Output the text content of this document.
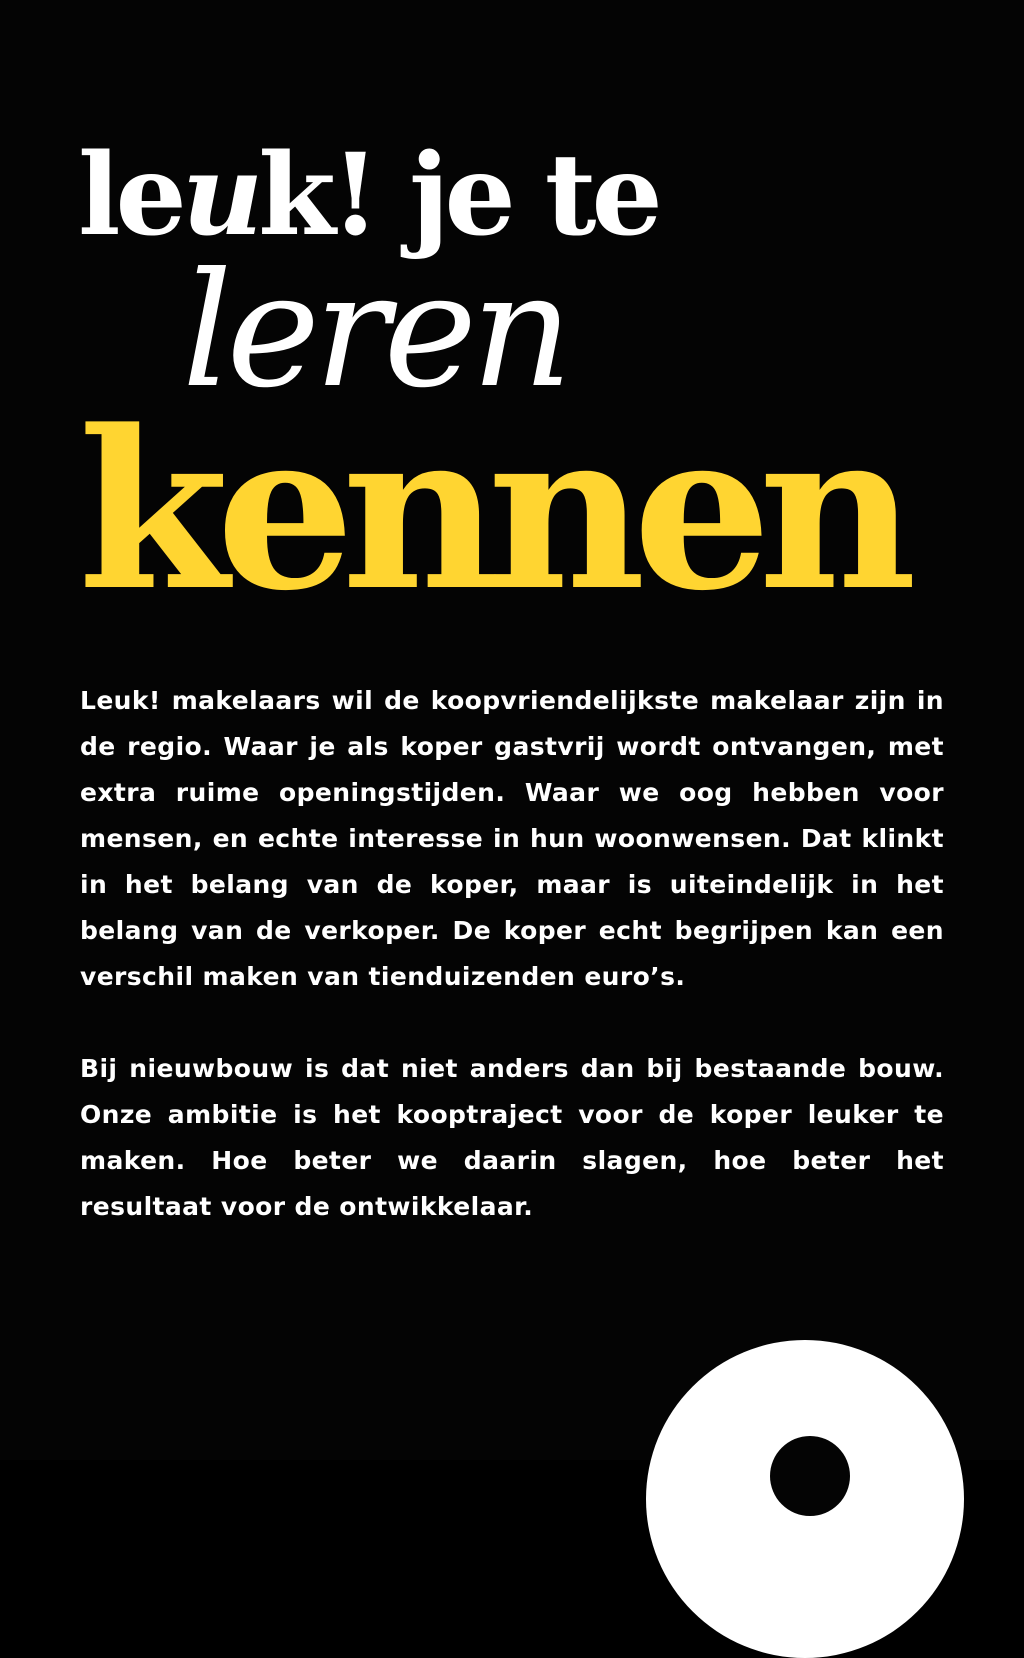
leuk! je te
leren
kennen

Leuk! makelaars wil de koopvriendelijkste makelaar zijn in de regio. Waar je als koper gastvrij wordt ontvangen, met extra ruime openingstijden. Waar we oog hebben voor mensen, en echte interesse in hun woonwensen. Dat klinkt in het belang van de koper, maar is uiteindelijk in het belang van de verkoper. De koper echt begrijpen kan een verschil maken van tienduizenden euro’s.

Bij nieuwbouw is dat niet anders dan bij bestaande bouw. Onze ambitie is het kooptraject voor de koper leuker te maken. Hoe beter we daarin slagen, hoe beter het resultaat voor de ontwikkelaar.
